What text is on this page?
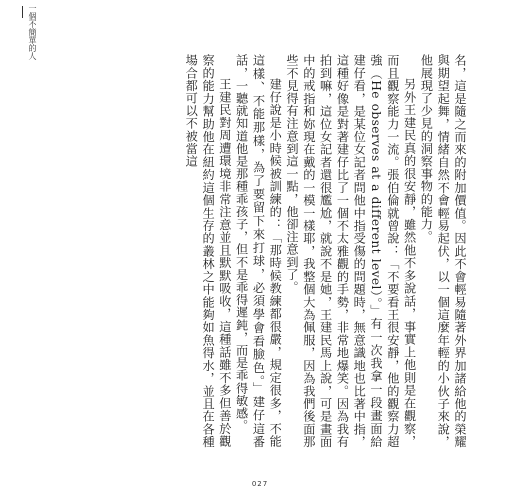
一個不簡單的人

名，這是隨之而來的附加價值。因此不會輕易隨著外界加諸給他的榮耀與期望起舞，情緒自然不會輕易起伏，以一個這麼年輕的小伙子來說，他展現了少見的洞察事物的能力。

另外王建民真的很安靜，雖然他不多說話，事實上他則是在觀察，而且觀察能力一流。張伯倫就曾說：「不要看王很安靜，他的觀察力超強（He observes at a different level）。」有一次我拿一段畫面給建仔看，是某位女記者問他中指受傷的問題時，無意識地也比著中指，這種好像是對著建仔比了一個不太雅觀的手勢，非常地爆笑。因為我有拍到嘛，這位女記者還很尷尬，就說不是她，王建民馬上說，可是畫面中的戒指和妳現在戴的一模一樣耶，我整個大為佩服，因為我們後面那些不見得有注意到這一點，他卻注意到了。

建仔說是小時候被訓練的：「那時候教練都很嚴，規定很多，不能這樣、不能那樣，為了要留下來打球，必須學會看臉色。」建仔這番話，一聽就知道他是那種乖孩子，但不是乖得遲鈍，而是乖得敏感。

王建民對周遭環境非常注意並且默默吸收，這種話雖不多但善於觀察的能力幫助他在紐約這個生存的叢林之中能夠如魚得水，並且在各種場合都可以不被當這

027
